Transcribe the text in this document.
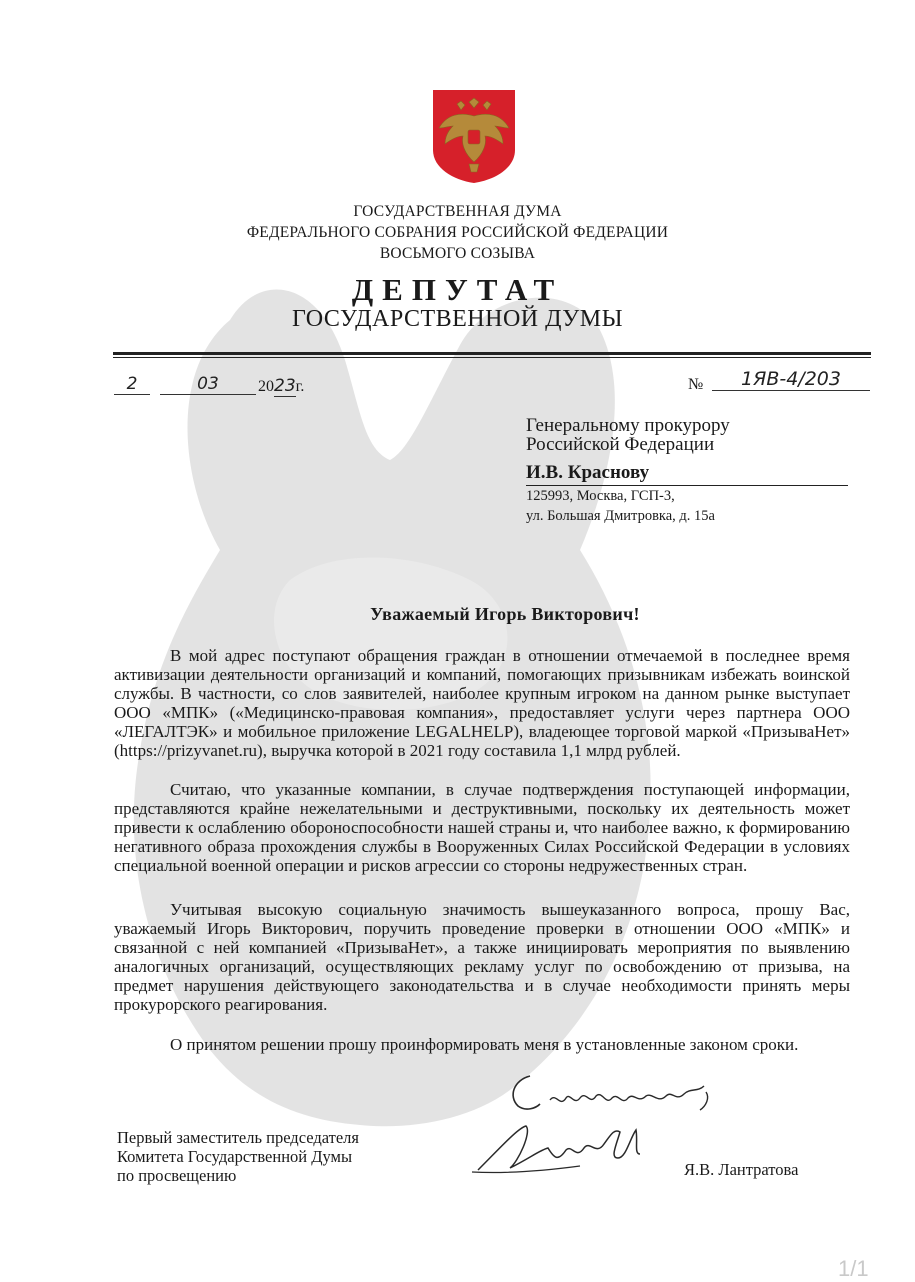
ГОСУДАРСТВЕННАЯ ДУМА
ФЕДЕРАЛЬНОГО СОБРАНИЯ РОССИЙСКОЙ ФЕДЕРАЦИИ
ВОСЬМОГО СОЗЫВА
ДЕПУТАТ
ГОСУДАРСТВЕННОЙ ДУМЫ
2	03	2023г.	№	1ЯВ-4/203
Генеральному прокурору
Российской Федерации
И.В. Краснову
125993, Москва, ГСП-3,
ул. Большая Дмитровка, д. 15а
Уважаемый Игорь Викторович!

В мой адрес поступают обращения граждан в отношении отмечаемой в последнее время активизации деятельности организаций и компаний, помогающих призывникам избежать воинской службы. В частности, со слов заявителей, наиболее крупным игроком на данном рынке выступает ООО «МПК» («Медицинско-правовая компания», предоставляет услуги через партнера ООО «ЛЕГАЛТЭК» и мобильное приложение LEGALHELP), владеющее торговой маркой «ПризываНет» (https://prizyvanet.ru), выручка которой в 2021 году составила 1,1 млрд рублей.

Считаю, что указанные компании, в случае подтверждения поступающей информации, представляются крайне нежелательными и деструктивными, поскольку их деятельность может привести к ослаблению обороноспособности нашей страны и, что наиболее важно, к формированию негативного образа прохождения службы в Вооруженных Силах Российской Федерации в условиях специальной военной операции и рисков агрессии со стороны недружественных стран.

Учитывая высокую социальную значимость вышеуказанного вопроса, прошу Вас, уважаемый Игорь Викторович, поручить проведение проверки в отношении ООО «МПК» и связанной с ней компанией «ПризываНет», а также инициировать мероприятия по выявлению аналогичных организаций, осуществляющих рекламу услуг по освобождению от призыва, на предмет нарушения действующего законодательства и в случае необходимости принять меры прокурорского реагирования.

О принятом решении прошу проинформировать меня в установленные законом сроки.

Первый заместитель председателя
Комитета Государственной Думы
по просвещению	Я.В. Лантратова
1/1
